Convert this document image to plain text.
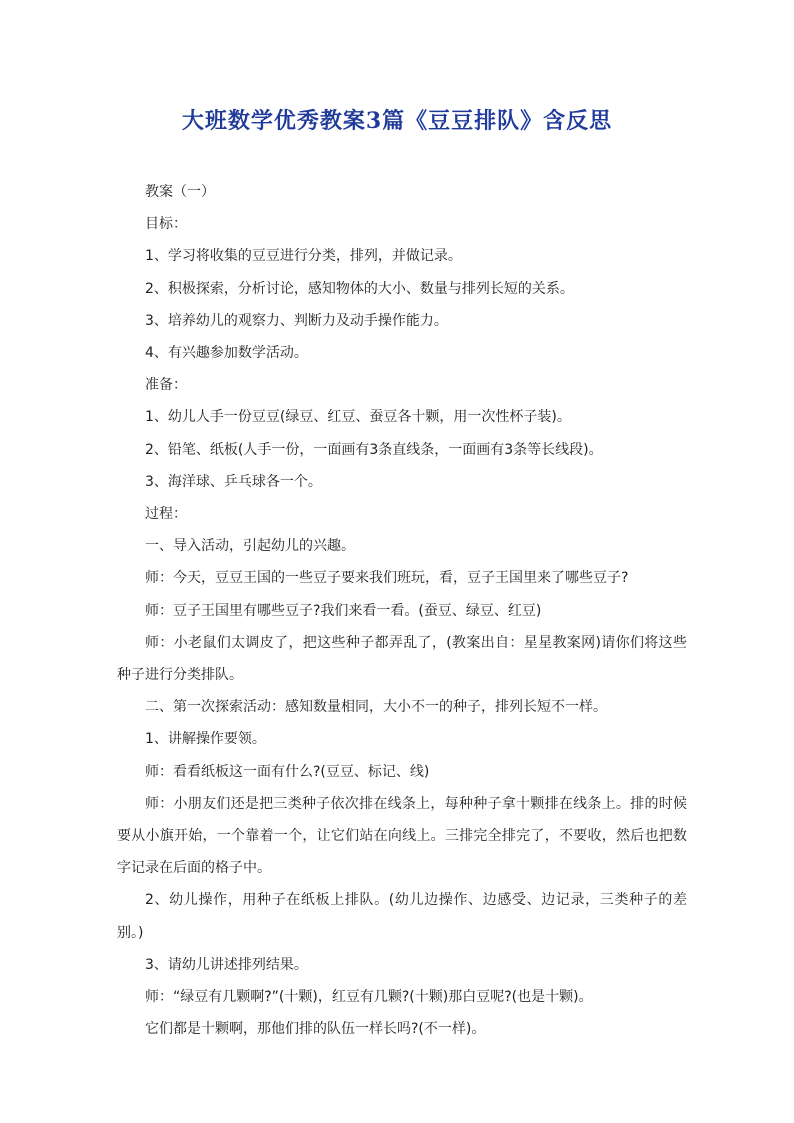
大班数学优秀教案3篇《豆豆排队》含反思

教案（一）

目标：

1、学习将收集的豆豆进行分类，排列，并做记录。

2、积极探索，分析讨论，感知物体的大小、数量与排列长短的关系。

3、培养幼儿的观察力、判断力及动手操作能力。

4、有兴趣参加数学活动。

准备：

1、幼儿人手一份豆豆(绿豆、红豆、蚕豆各十颗，用一次性杯子装)。

2、铅笔、纸板(人手一份，一面画有3条直线条，一面画有3条等长线段)。

3、海洋球、乒乓球各一个。

过程：

一、导入活动，引起幼儿的兴趣。

师：今天，豆豆王国的一些豆子要来我们班玩，看，豆子王国里来了哪些豆子?

师：豆子王国里有哪些豆子?我们来看一看。(蚕豆、绿豆、红豆)

师：小老鼠们太调皮了，把这些种子都弄乱了，(教案出自：星星教案网)请你们将这些种子进行分类排队。

二、第一次探索活动：感知数量相同，大小不一的种子，排列长短不一样。

1、讲解操作要领。

师：看看纸板这一面有什么?(豆豆、标记、线)

师：小朋友们还是把三类种子依次排在线条上，每种种子拿十颗排在线条上。排的时候要从小旗开始，一个靠着一个，让它们站在向线上。三排完全排完了，不要收，然后也把数字记录在后面的格子中。

2、幼儿操作，用种子在纸板上排队。(幼儿边操作、边感受、边记录，三类种子的差别。)

3、请幼儿讲述排列结果。

师：“绿豆有几颗啊?”(十颗)，红豆有几颗?(十颗)那白豆呢?(也是十颗)。

它们都是十颗啊，那他们排的队伍一样长吗?(不一样)。
